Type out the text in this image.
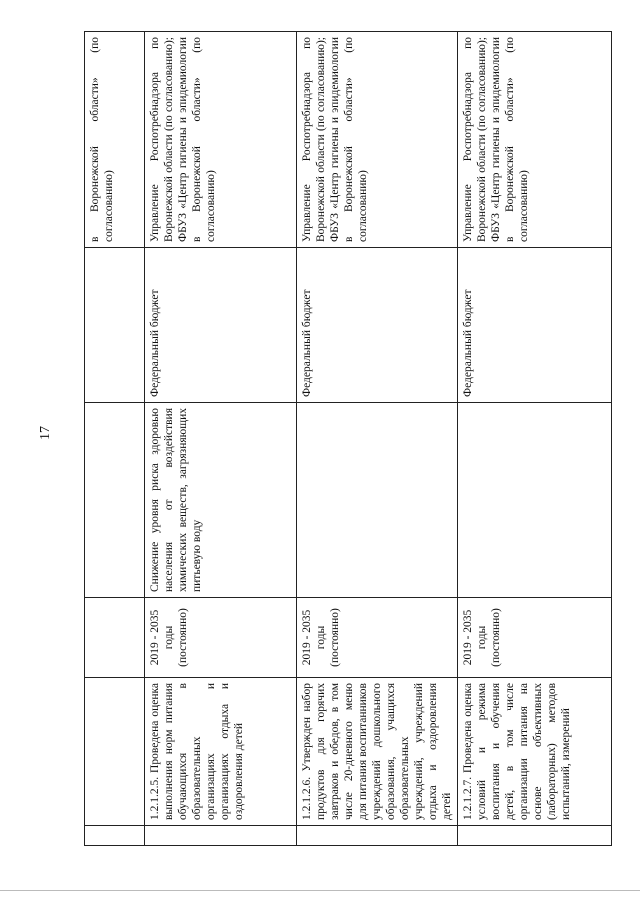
17
					в Воронежской области» (по согласованию)
	1.2.1.2.5. Проведена оценка выполнения норм питания обучающихся в образовательных организациях и организациях отдыха и оздоровления детей	2019 - 2035 годы (постоянно)	Снижение уровня риска здоровью населения от воздействия химических веществ, загрязняющих питьевую воду	Федеральный бюджет	Управление Роспотребнадзора по Воронежской области (по согласованию); ФБУЗ «Центр гигиены и эпидемиологии в Воронежской области» (по согласованию)
	1.2.1.2.6. Утвержден набор продуктов для горячих завтраков и обедов, в том числе 20-дневного меню для питания воспитанников учреждений дошкольного образования, учащихся образовательных учреждений, учреждений отдыха и оздоровления детей	2019 - 2035 годы (постоянно)		Федеральный бюджет	Управление Роспотребнадзора по Воронежской области (по согласованию); ФБУЗ «Центр гигиены и эпидемиологии в Воронежской области» (по согласованию)
	1.2.1.2.7. Проведена оценка условий и режима воспитания и обучения детей, в том числе организации питания на основе объективных (лабораторных) методов испытаний, измерений	2019 - 2035 годы (постоянно)		Федеральный бюджет	Управление Роспотребнадзора по Воронежской области (по согласованию); ФБУЗ «Центр гигиены и эпидемиологии в Воронежской области» (по согласованию)
